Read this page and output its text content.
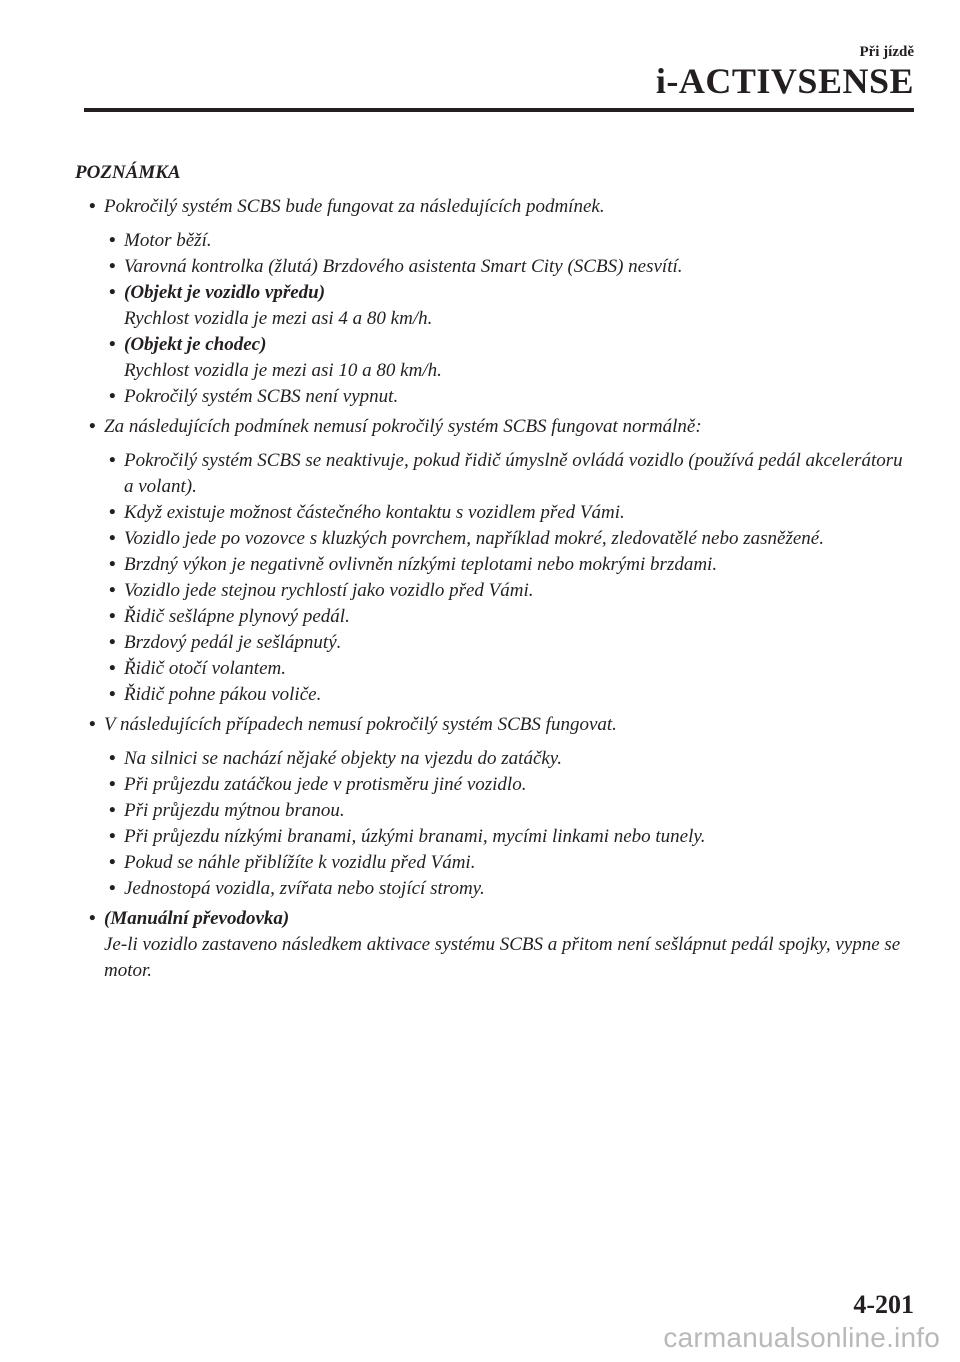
Při jízdě
i-ACTIVSENSE
POZNÁMKA
• Pokročilý systém SCBS bude fungovat za následujících podmínek.
• Motor běží.
• Varovná kontrolka (žlutá) Brzdového asistenta Smart City (SCBS) nesvítí.
• (Objekt je vozidlo vpředu)
Rychlost vozidla je mezi asi 4 a 80 km/h.
• (Objekt je chodec)
Rychlost vozidla je mezi asi 10 a 80 km/h.
• Pokročilý systém SCBS není vypnut.
• Za následujících podmínek nemusí pokročilý systém SCBS fungovat normálně:
• Pokročilý systém SCBS se neaktivuje, pokud řidič úmyslně ovládá vozidlo (používá pedál akcelerátoru a volant).
• Když existuje možnost částečného kontaktu s vozidlem před Vámi.
• Vozidlo jede po vozovce s kluzkých povrchem, například mokré, zledovatělé nebo zasněžené.
• Brzdný výkon je negativně ovlivněn nízkými teplotami nebo mokrými brzdami.
• Vozidlo jede stejnou rychlostí jako vozidlo před Vámi.
• Řidič sešlápne plynový pedál.
• Brzdový pedál je sešlápnutý.
• Řidič otočí volantem.
• Řidič pohne pákou voliče.
• V následujících případech nemusí pokročilý systém SCBS fungovat.
• Na silnici se nachází nějaké objekty na vjezdu do zatáčky.
• Při průjezdu zatáčkou jede v protisměru jiné vozidlo.
• Při průjezdu mýtnou branou.
• Při průjezdu nízkými branami, úzkými branami, mycími linkami nebo tunely.
• Pokud se náhle přiblížíte k vozidlu před Vámi.
• Jednostopá vozidla, zvířata nebo stojící stromy.
• (Manuální převodovka)
Je-li vozidlo zastaveno následkem aktivace systému SCBS a přitom není sešlápnut pedál spojky, vypne se motor.
4-201
carmanualsonline.info
